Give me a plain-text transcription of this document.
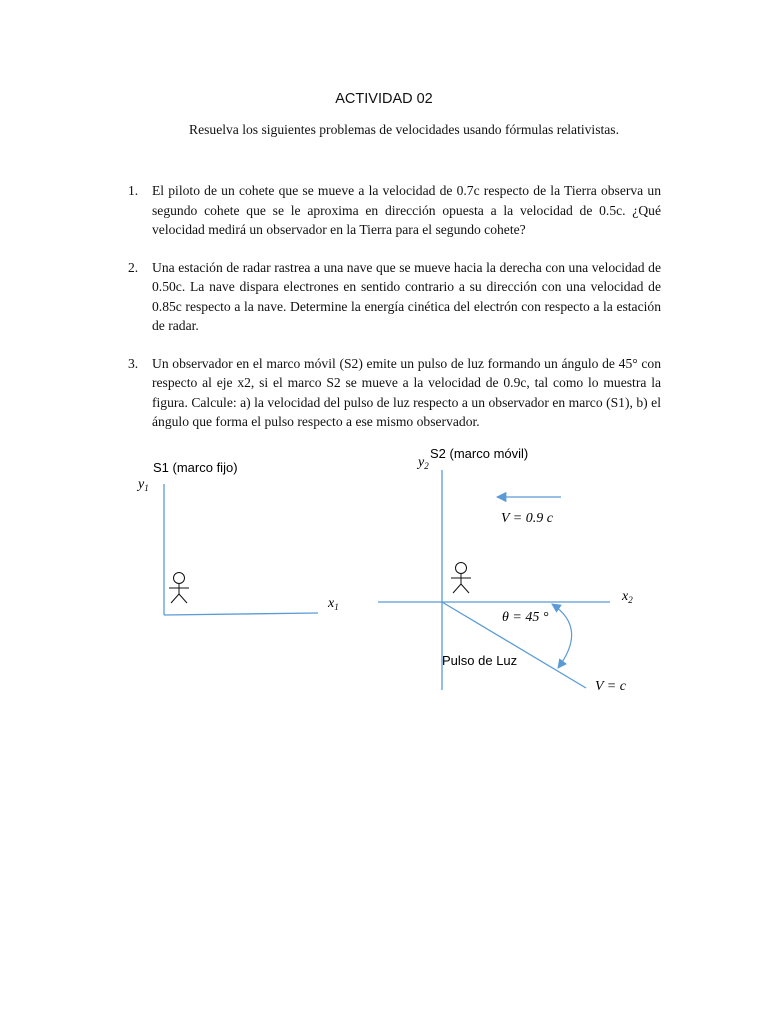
ACTIVIDAD 02
Resuelva los siguientes problemas de velocidades usando fórmulas relativistas.
1. El piloto de un cohete que se mueve a la velocidad de 0.7c respecto de la Tierra observa un segundo cohete que se le aproxima en dirección opuesta a la velocidad de 0.5c. ¿Qué velocidad medirá un observador en la Tierra para el segundo cohete?
2. Una estación de radar rastrea a una nave que se mueve hacia la derecha con una velocidad de 0.50c. La nave dispara electrones en sentido contrario a su dirección con una velocidad de 0.85c respecto a la nave. Determine la energía cinética del electrón con respecto a la estación de radar.
3. Un observador en el marco móvil (S2) emite un pulso de luz formando un ángulo de 45° con respecto al eje x2, si el marco S2 se mueve a la velocidad de 0.9c, tal como lo muestra la figura. Calcule: a) la velocidad del pulso de luz respecto a un observador en marco (S1), b) el ángulo que forma el pulso respecto a ese mismo observador.
S1 (marco fijo)
$y_1$
$x_1$
S2 (marco móvil)
$y_2$
$x_2$
V = 0.9 c
θ = 45 °
Pulso de Luz
V = c
